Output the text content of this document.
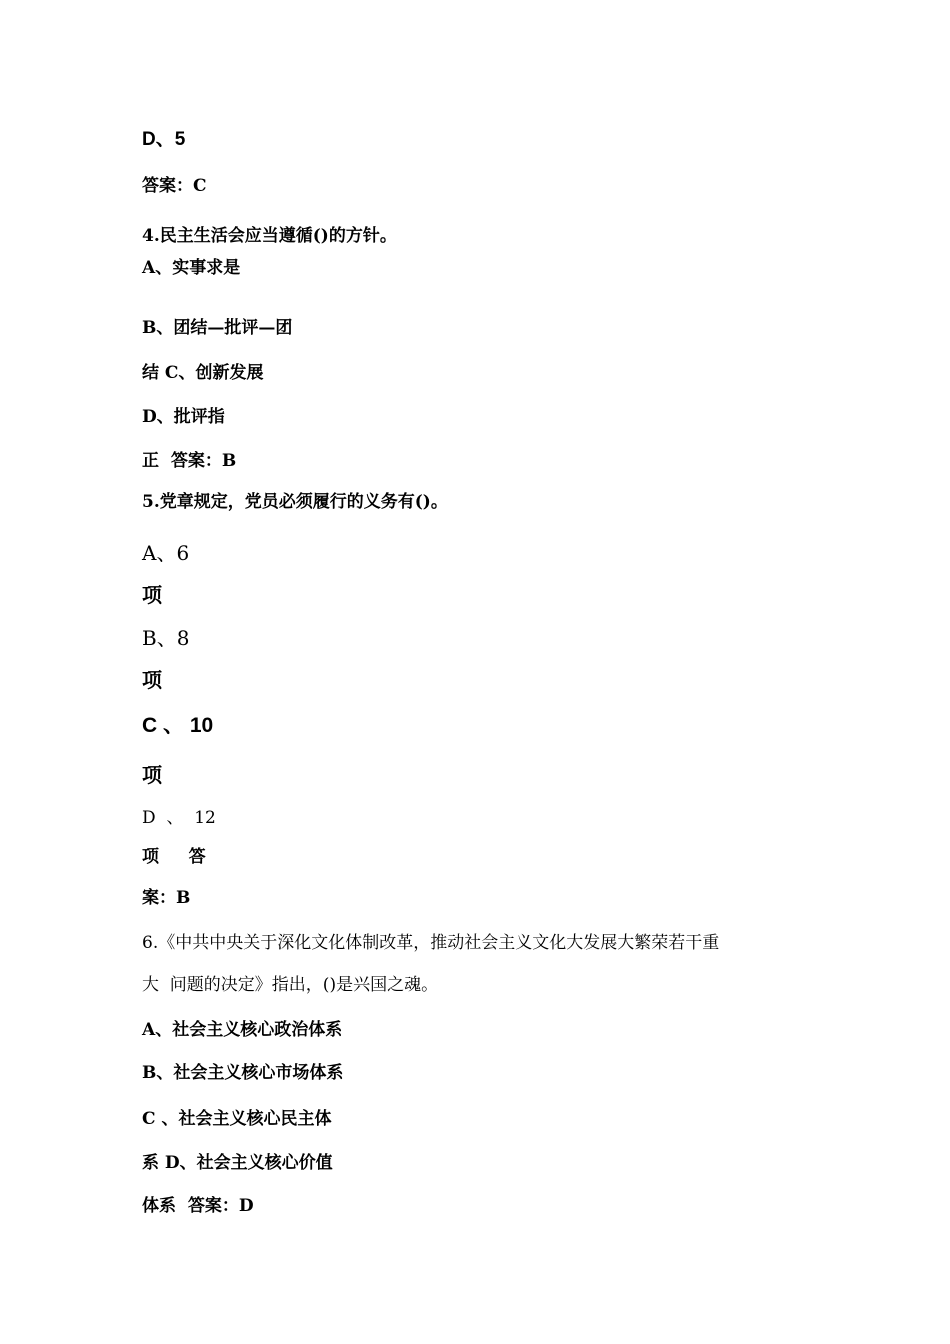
D、5
答案：C
4.民主生活会应当遵循()的方针。
A、实事求是
B、团结—批评—团
结 C、创新发展
D、批评指
正  答案：B
5.党章规定，党员必须履行的义务有()。
A、6
项
B、8
项
C 、 10
项
D  、  12
项     答
案：B
6.《中共中央关于深化文化体制改革，推动社会主义文化大发展大繁荣若干重
大  问题的决定》指出，()是兴国之魂。
A、社会主义核心政治体系
B、社会主义核心市场体系
C 、社会主义核心民主体
系 D、社会主义核心价值
体系  答案：D
